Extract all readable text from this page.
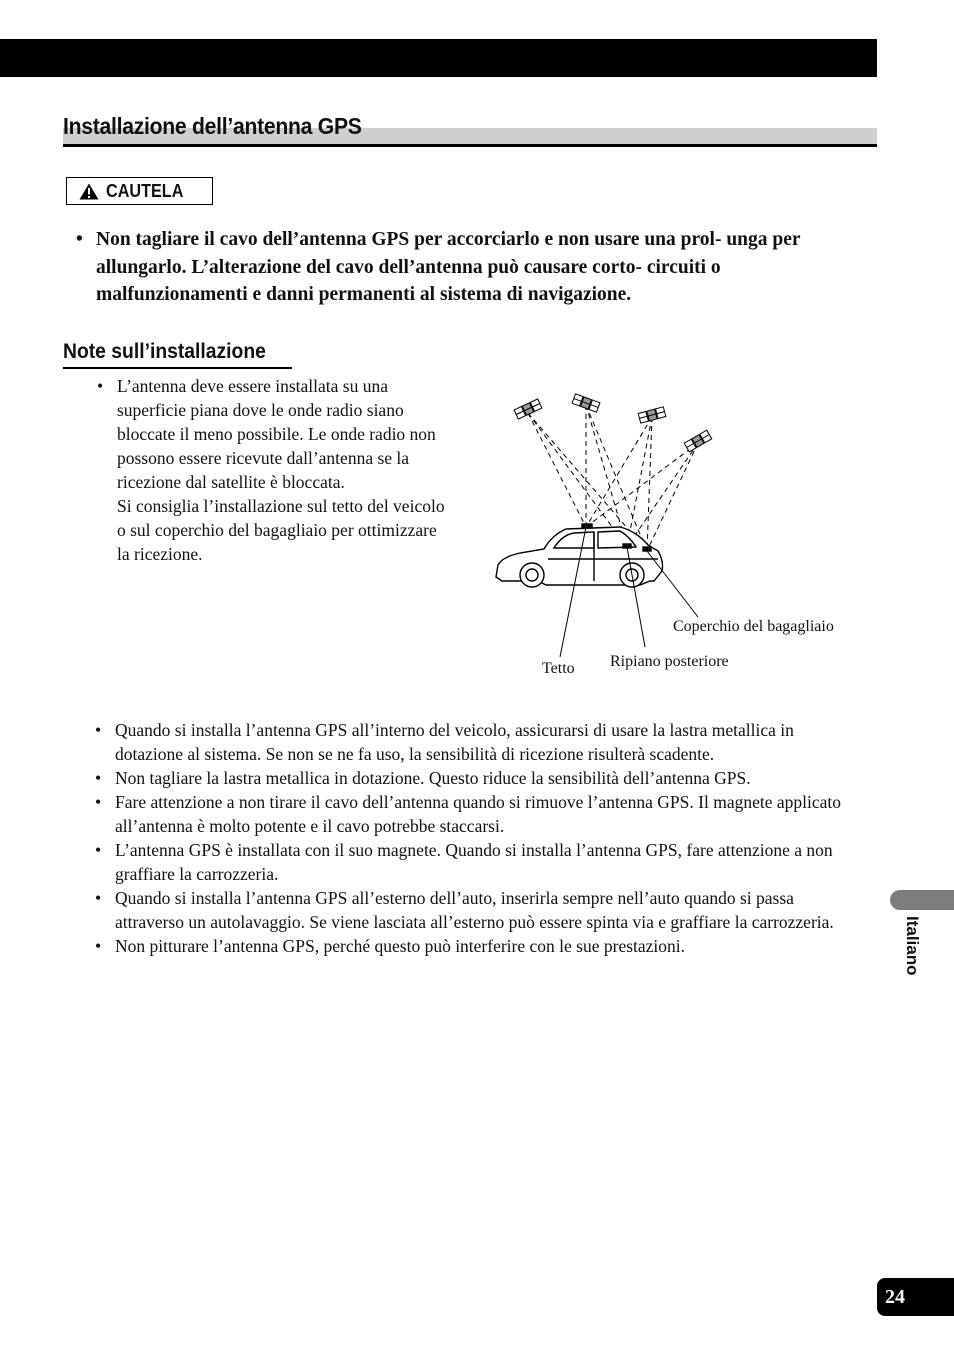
Installazione dell’antenna GPS
CAUTELA
• Non tagliare il cavo dell’antenna GPS per accorciarlo e non usare una prol- unga per allungarlo. L’alterazione del cavo dell’antenna può causare corto- circuiti o malfunzionamenti e danni permanenti al sistema di navigazione.
Note sull’installazione
• L’antenna deve essere installata su una superficie piana dove le onde radio siano bloccate il meno possibile. Le onde radio non possono essere ricevute dall’antenna se la ricezione dal satellite è bloccata.
Si consiglia l’installazione sul tetto del veicolo o sul coperchio del bagagliaio per ottimizzare la ricezione.
Coperchio del bagagliaio
Ripiano posteriore
Tetto
• Quando si installa l’antenna GPS all’interno del veicolo, assicurarsi di usare la lastra metallica in dotazione al sistema. Se non se ne fa uso, la sensibilità di ricezione risulterà scadente.
• Non tagliare la lastra metallica in dotazione. Questo riduce la sensibilità dell’antenna GPS.
• Fare attenzione a non tirare il cavo dell’antenna quando si rimuove l’antenna GPS. Il magnete applicato all’antenna è molto potente e il cavo potrebbe staccarsi.
• L’antenna GPS è installata con il suo magnete. Quando si installa l’antenna GPS, fare attenzione a non graffiare la carrozzeria.
• Quando si installa l’antenna GPS all’esterno dell’auto, inserirla sempre nell’auto quando si passa attraverso un autolavaggio. Se viene lasciata all’esterno può essere spinta via e graffiare la carrozzeria.
• Non pitturare l’antenna GPS, perché questo può interferire con le sue prestazioni.	Italiano
24
